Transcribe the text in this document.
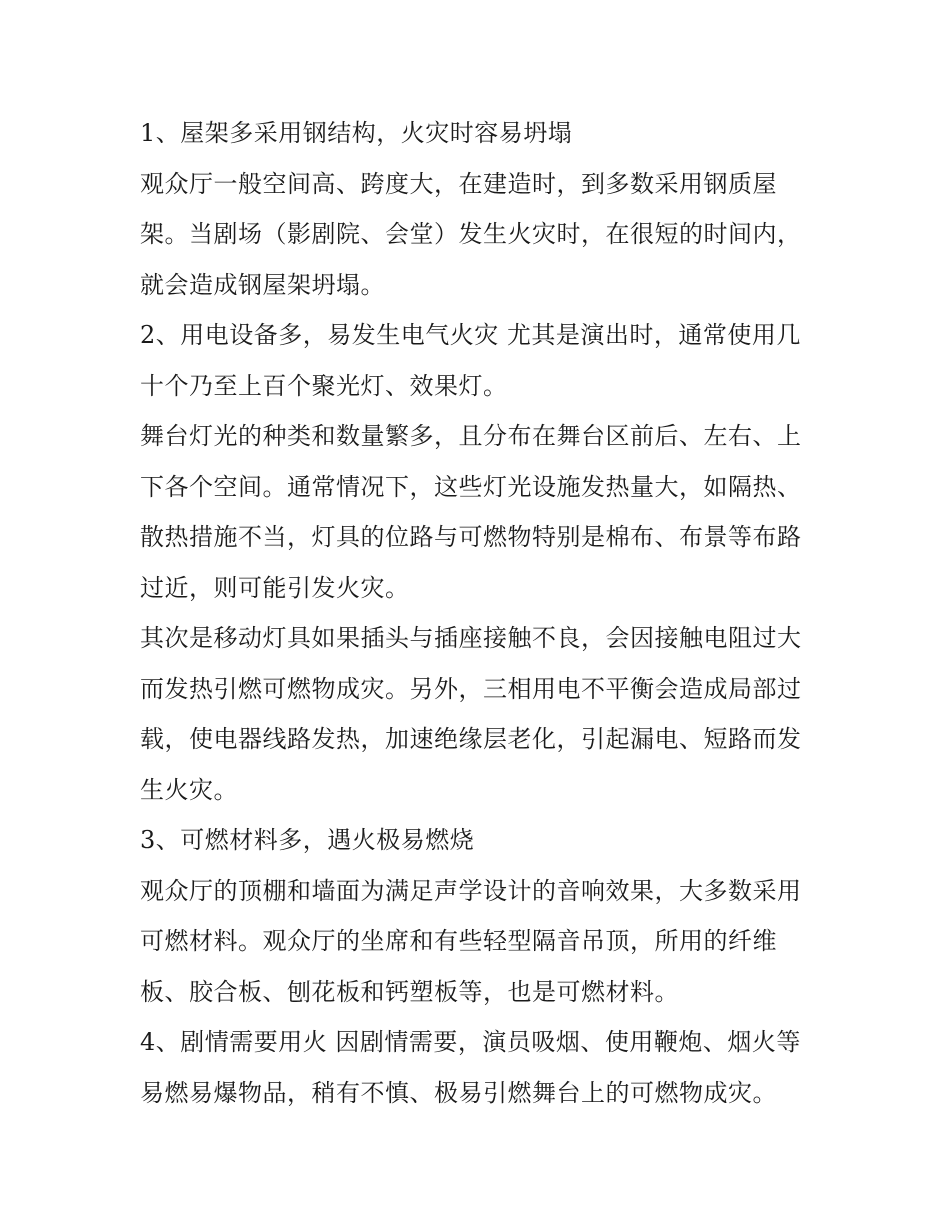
1、屋架多采用钢结构，火灾时容易坍塌

观众厅一般空间高、跨度大，在建造时，到多数采用钢质屋架。当剧场（影剧院、会堂）发生火灾时，在很短的时间内，就会造成钢屋架坍塌。

2、用电设备多，易发生电气火灾 尤其是演出时，通常使用几十个乃至上百个聚光灯、效果灯。

舞台灯光的种类和数量繁多，且分布在舞台区前后、左右、上下各个空间。通常情况下，这些灯光设施发热量大，如隔热、散热措施不当，灯具的位路与可燃物特别是棉布、布景等布路过近，则可能引发火灾。

其次是移动灯具如果插头与插座接触不良，会因接触电阻过大而发热引燃可燃物成灾。另外，三相用电不平衡会造成局部过载，使电器线路发热，加速绝缘层老化，引起漏电、短路而发生火灾。

3、可燃材料多，遇火极易燃烧

观众厅的顶棚和墙面为满足声学设计的音响效果，大多数采用可燃材料。观众厅的坐席和有些轻型隔音吊顶，所用的纤维板、胶合板、刨花板和钙塑板等，也是可燃材料。

4、剧情需要用火 因剧情需要，演员吸烟、使用鞭炮、烟火等易燃易爆物品，稍有不慎、极易引燃舞台上的可燃物成灾。
